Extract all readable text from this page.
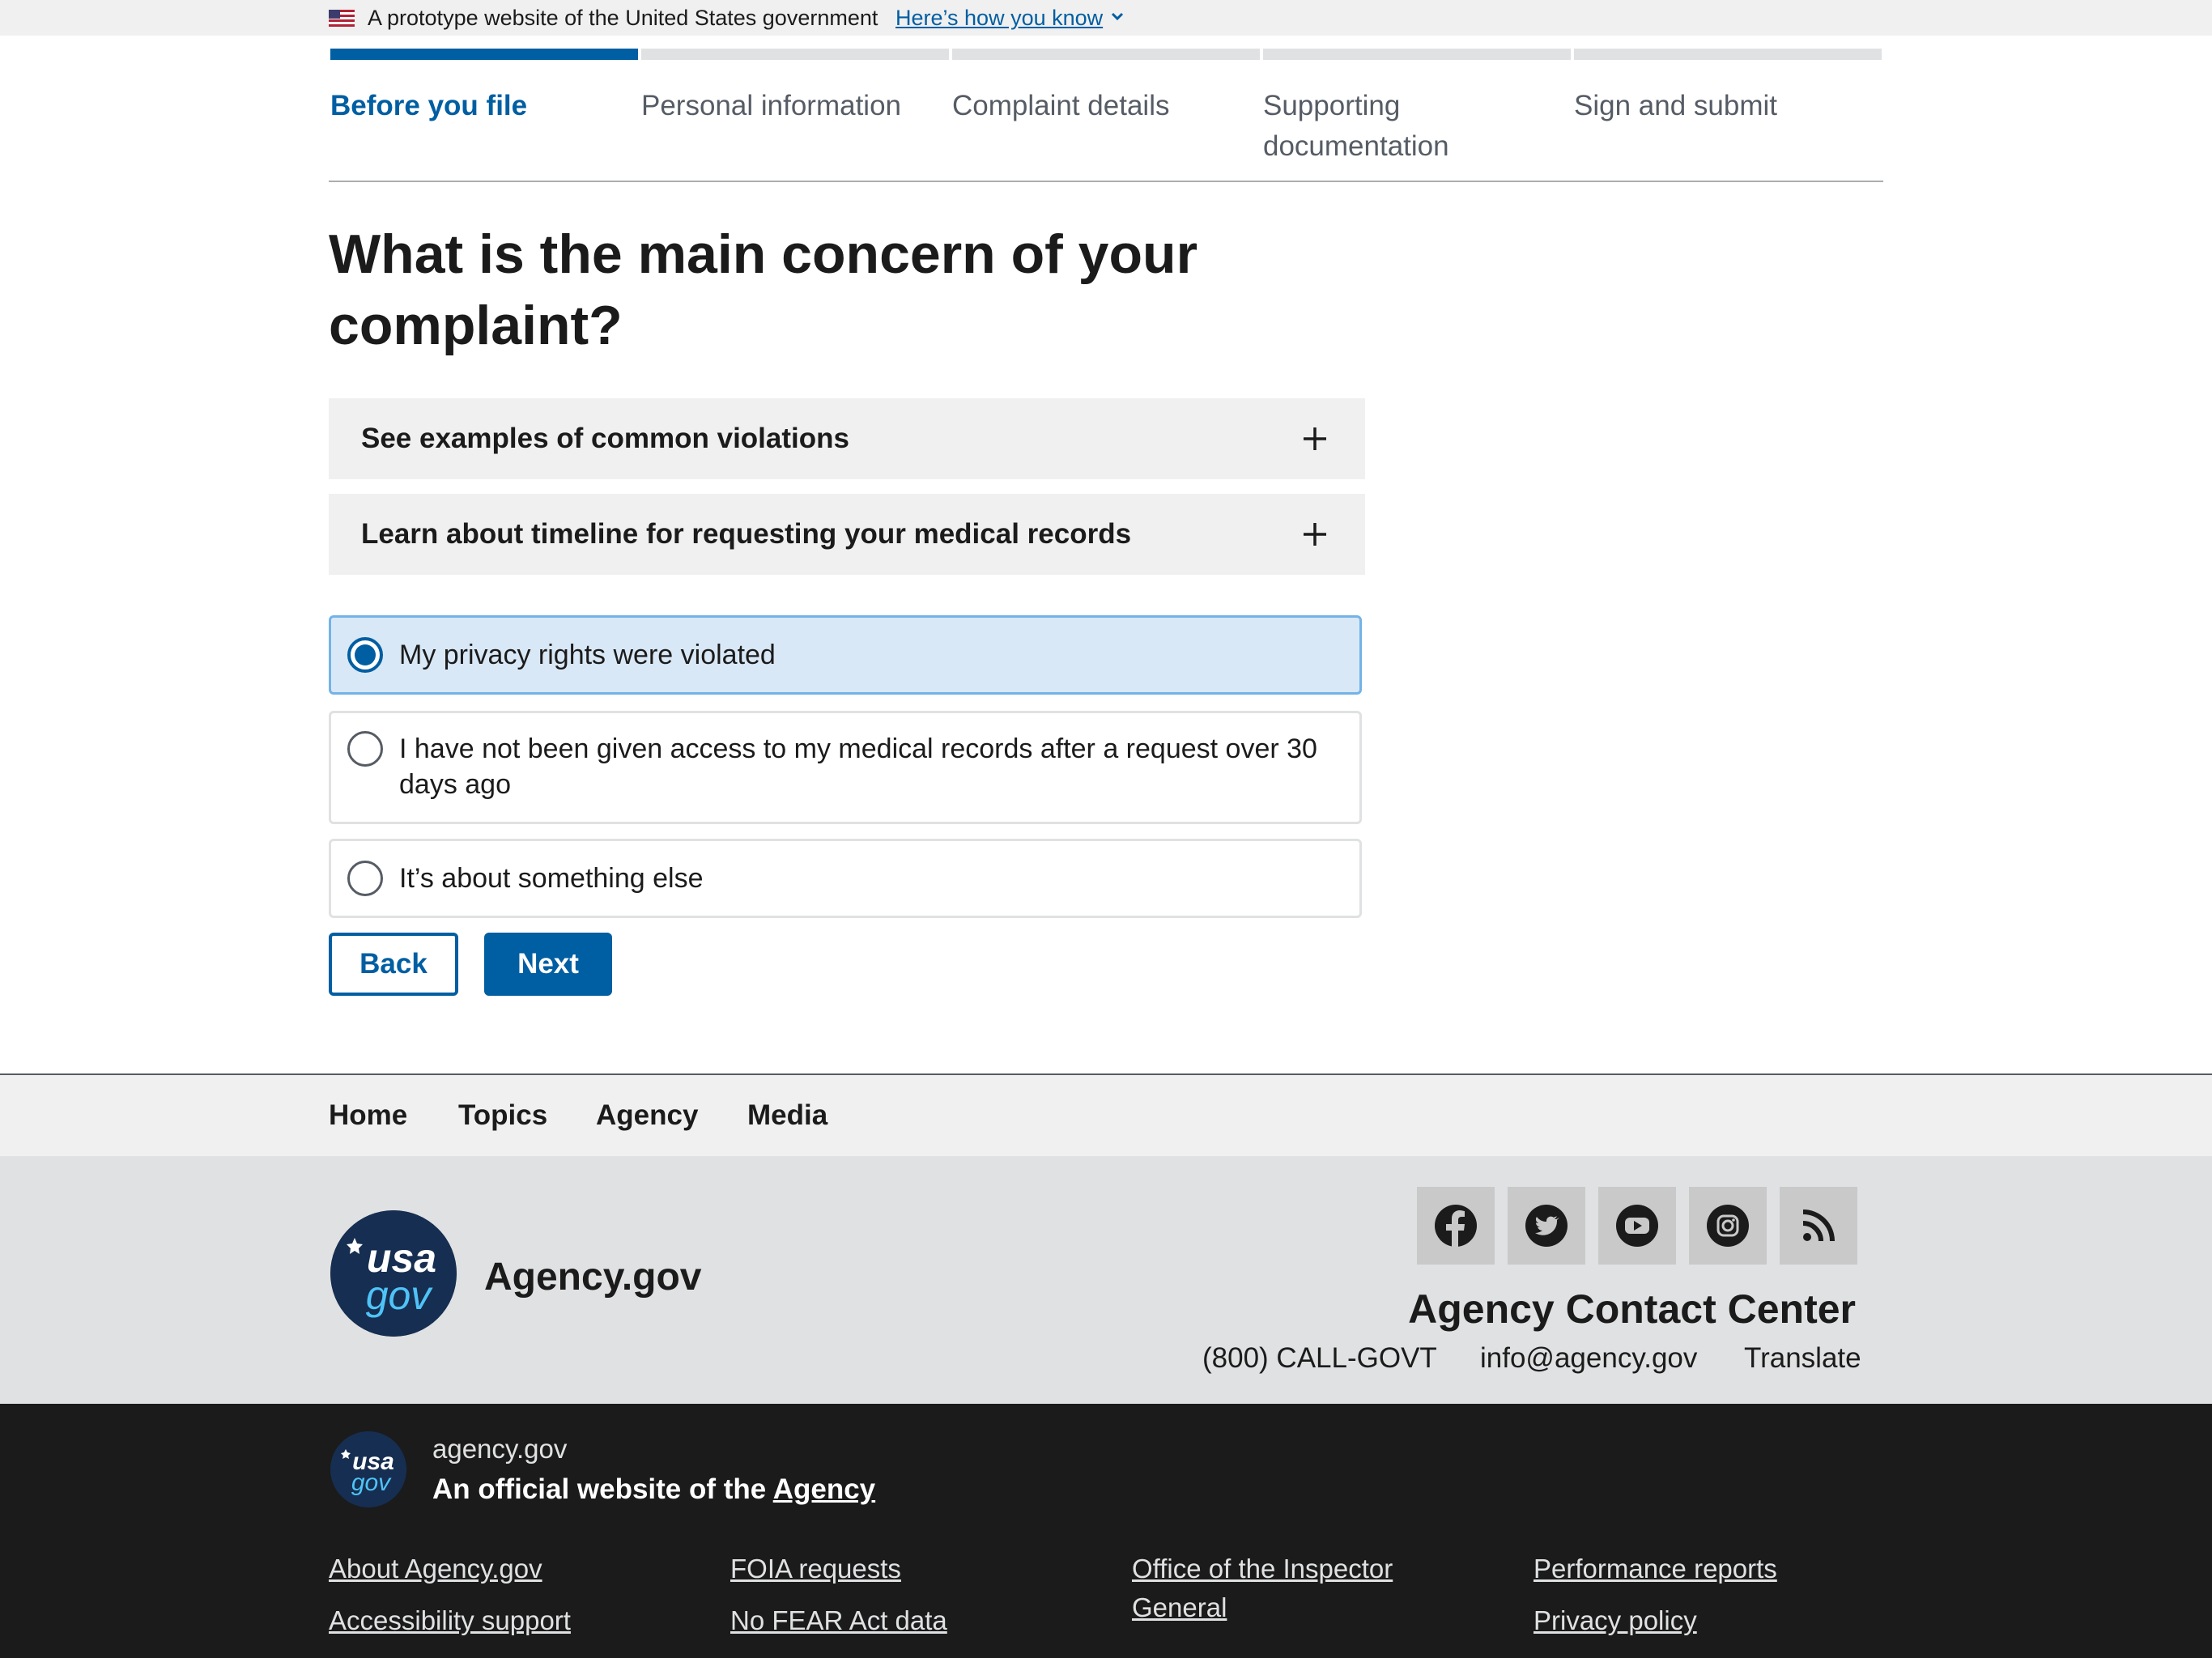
A prototype website of the United States government Here’s how you know
Before you file	Personal information	Complaint details	Supporting documentation
Sign and submit
What is the main concern of your complaint?
See examples of common violations
Learn about timeline for requesting your medical records
My privacy rights were violated
I have not been given access to my medical records after a request over 30 days ago
It’s about something else
Back	Next
Home Topics Agency Media
usa
gov Agency.gov
Agency Contact Center
(800) CALL-GOVT info@agency.gov Translate
usa
gov
agency.gov
An official website of the Agency
About Agency.gov
Accessibility support
FOIA requests
No FEAR Act data
Office of the Inspector General
Performance reports
Privacy policy
